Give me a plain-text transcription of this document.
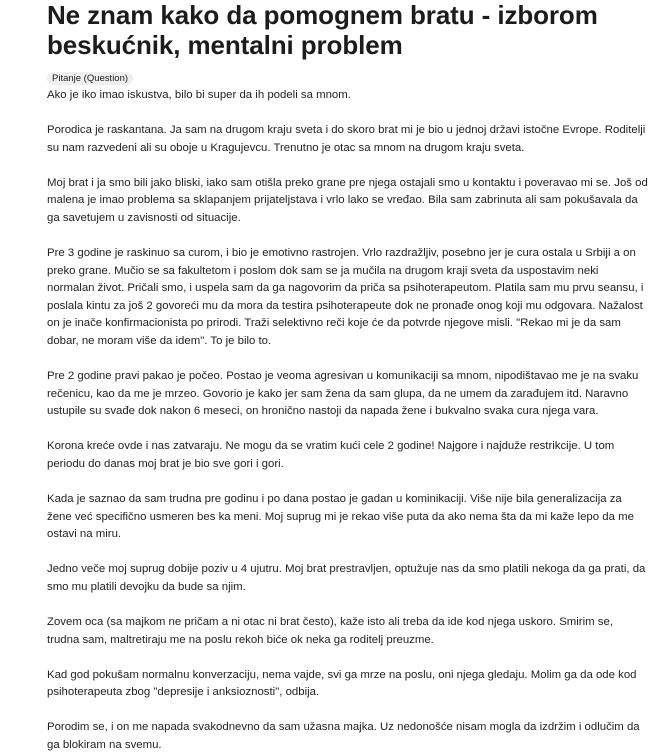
Ne znam kako da pomognem bratu - izborom beskućnik, mentalni problem
Pitanje (Question)

Ako je iko imao iskustva, bilo bi super da ih podeli sa mnom.

Porodica je raskantana. Ja sam na drugom kraju sveta i do skoro brat mi je bio u jednoj državi istočne Evrope. Roditelji su nam razvedeni ali su oboje u Kragujevcu. Trenutno je otac sa mnom na drugom kraju sveta.

Moj brat i ja smo bili jako bliski, iako sam otišla preko grane pre njega ostajali smo u kontaktu i poveravao mi se. Još od malena je imao problema sa sklapanjem prijateljstava i vrlo lako se vređao. Bila sam zabrinuta ali sam pokušavala da ga savetujem u zavisnosti od situacije.

Pre 3 godine je raskinuo sa curom, i bio je emotivno rastrojen. Vrlo razdražljiv, posebno jer je cura ostala u Srbiji a on preko grane. Mučio se sa fakultetom i poslom dok sam se ja mučila na drugom kraji sveta da uspostavim neki normalan život. Pričali smo, i uspela sam da ga nagovorim da priča sa psihoterapeutom. Platila sam mu prvu seansu, i poslala kintu za još 2 govoreći mu da mora da testira psihoterapeute dok ne pronađe onog koji mu odgovara. Nažalost on je inače konfirmacionista po prirodi. Traži selektivno reči koje će da potvrde njegove misli. "Rekao mi je da sam dobar, ne moram više da idem". To je bilo to.

Pre 2 godine pravi pakao je počeo. Postao je veoma agresivan u komunikaciji sa mnom, nipodištavao me je na svaku rečenicu, kao da me je mrzeo. Govorio je kako jer sam žena da sam glupa, da ne umem da zarađujem itd. Naravno ustupile su svađe dok nakon 6 meseci, on hronično nastoji da napada žene i bukvalno svaka cura njega vara.

Korona kreće ovde i nas zatvaraju. Ne mogu da se vratim kući cele 2 godine! Najgore i najduže restrikcije. U tom periodu do danas moj brat je bio sve gori i gori.

Kada je saznao da sam trudna pre godinu i po dana postao je gadan u kominikaciji. Više nije bila generalizacija za žene već specifično usmeren bes ka meni. Moj suprug mi je rekao više puta da ako nema šta da mi kaže lepo da me ostavi na miru.

Jedno veče moj suprug dobije poziv u 4 ujutru. Moj brat prestravljen, optužuje nas da smo platili nekoga da ga prati, da smo mu platili devojku da bude sa njim.

Zovem oca (sa majkom ne pričam a ni otac ni brat često), kaže isto ali treba da ide kod njega uskoro. Smirim se, trudna sam, maltretiraju me na poslu rekoh biće ok neka ga roditelj preuzme.

Kad god pokušam normalnu konverzaciju, nema vajde, svi ga mrze na poslu, oni njega gledaju. Molim ga da ode kod psihoterapeuta zbog "depresije i anksioznosti", odbija.

Porodim se, i on me napada svakodnevno da sam užasna majka. Uz nedonošće nisam mogla da izdržim i odlučim da ga blokiram na svemu.
